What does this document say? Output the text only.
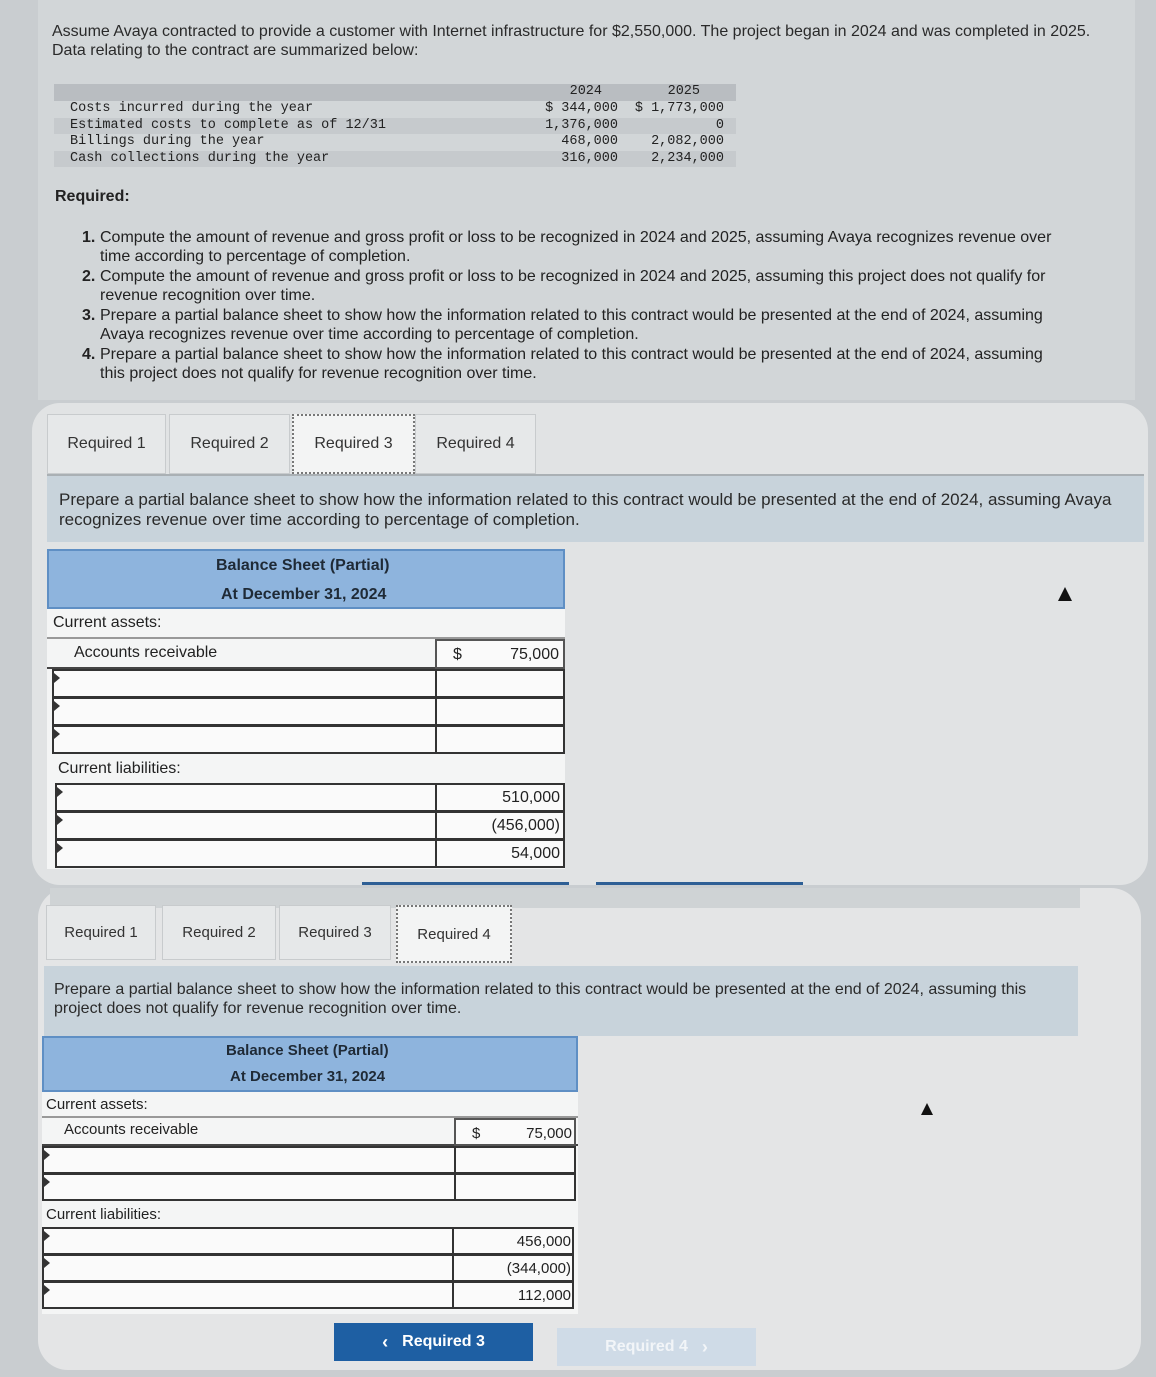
Assume Avaya contracted to provide a customer with Internet infrastructure for $2,550,000. The project began in 2024 and was completed in 2025. Data relating to the contract are summarized below:
2024	2025
Costs incurred during the year	$ 344,000 $ 1,773,000
Estimated costs to complete as of 12/31	1,376,000	0
Billings during the year	468,000 2,082,000
Cash collections during the year	316,000 2,234,000
Required:
1. Compute the amount of revenue and gross profit or loss to be recognized in 2024 and 2025, assuming Avaya recognizes revenue over time according to percentage of completion.
2. Compute the amount of revenue and gross profit or loss to be recognized in 2024 and 2025, assuming this project does not qualify for revenue recognition over time.
3. Prepare a partial balance sheet to show how the information related to this contract would be presented at the end of 2024, assuming Avaya recognizes revenue over time according to percentage of completion.
4. Prepare a partial balance sheet to show how the information related to this contract would be presented at the end of 2024, assuming this project does not qualify for revenue recognition over time.
Required 1	Required 2	Required 3	Required 4
Prepare a partial balance sheet to show how the information related to this contract would be presented at the end of 2024, assuming Avaya recognizes revenue over time according to percentage of completion.
Balance Sheet (Partial)
At December 31, 2024
Current assets:
Accounts receivable	$	75,000
Current liabilities:
510,000
(456,000)
54,000
Required 1	Required 2	Required 3	Required 4
Prepare a partial balance sheet to show how the information related to this contract would be presented at the end of 2024, assuming this project does not qualify for revenue recognition over time.
Balance Sheet (Partial)
At December 31, 2024
Current assets:
Accounts receivable	$	75,000
Current liabilities:
456,000
(344,000)
112,000
‹ Required 3	Required 4 ›
